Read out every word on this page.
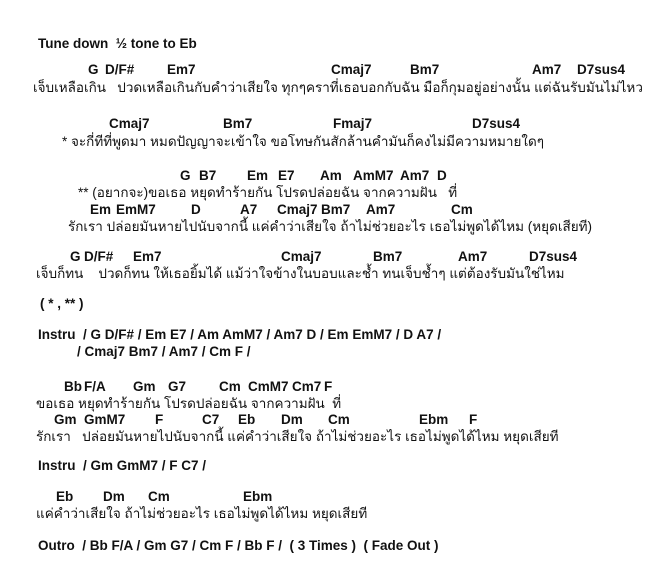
Tune down  ½ tone to Eb
G D/F# Em7	Cmaj7	Bm7	Am7 D7sus4
เจ็บเหลือเกิน   ปวดเหลือเกินกับคำว่าเสียใจ ทุกๆคราที่เธอบอกกับฉัน มือก็กุมอยู่อย่างนั้น แต่ฉันรับมันไม่ไหว
Cmaj7	Bm7	Fmaj7	D7sus4
* จะกี่ทีที่พูดมา หมดปัญญาจะเข้าใจ ขอโทษกันสักล้านคำมันก็คงไม่มีความหมายใดๆ
G B7 Em E7 Am AmM7 Am7 D
** (อยากจะ)ขอเธอ หยุดทำร้ายกัน โปรดปล่อยฉัน จากความฝัน   ที่
Em EmM7	D	A7 Cmaj7 Bm7 Am7	Cm
รักเรา ปล่อยมันหายไปนับจากนี้ แค่คำว่าเสียใจ ถ้าไม่ช่วยอะไร เธอไม่พูดได้ไหม (หยุดเสียที)
G D/F# Em7	Cmaj7	Bm7	Am7	D7sus4
เจ็บก็ทน    ปวดก็ทน ให้เธอยิ้มได้ แม้ว่าใจข้างในบอบและช้ำ ทนเจ็บช้ำๆ แต่ต้องรับมันใช่ไหม
( * , ** )
Instru  / G D/F# / Em E7 / Am AmM7 / Am7 D / Em EmM7 / D A7 /
/ Cmaj7 Bm7 / Am7 / Cm F /
Bb F/A Gm G7 Cm CmM7 Cm7 F
ขอเธอ หยุดทำร้ายกัน โปรดปล่อยฉัน จากความฝัน  ที่
Gm GmM7 F	C7 Eb Dm Cm	Ebm F
รักเรา   ปล่อยมันหายไปนับจากนี้ แค่คำว่าเสียใจ ถ้าไม่ช่วยอะไร เธอไม่พูดได้ไหม หยุดเสียที
Instru  / Gm GmM7 / F C7 /
Eb Dm Cm	Ebm
แค่คำว่าเสียใจ ถ้าไม่ช่วยอะไร เธอไม่พูดได้ไหม หยุดเสียที
Outro  / Bb F/A / Gm G7 / Cm F / Bb F /  ( 3 Times )  ( Fade Out )
